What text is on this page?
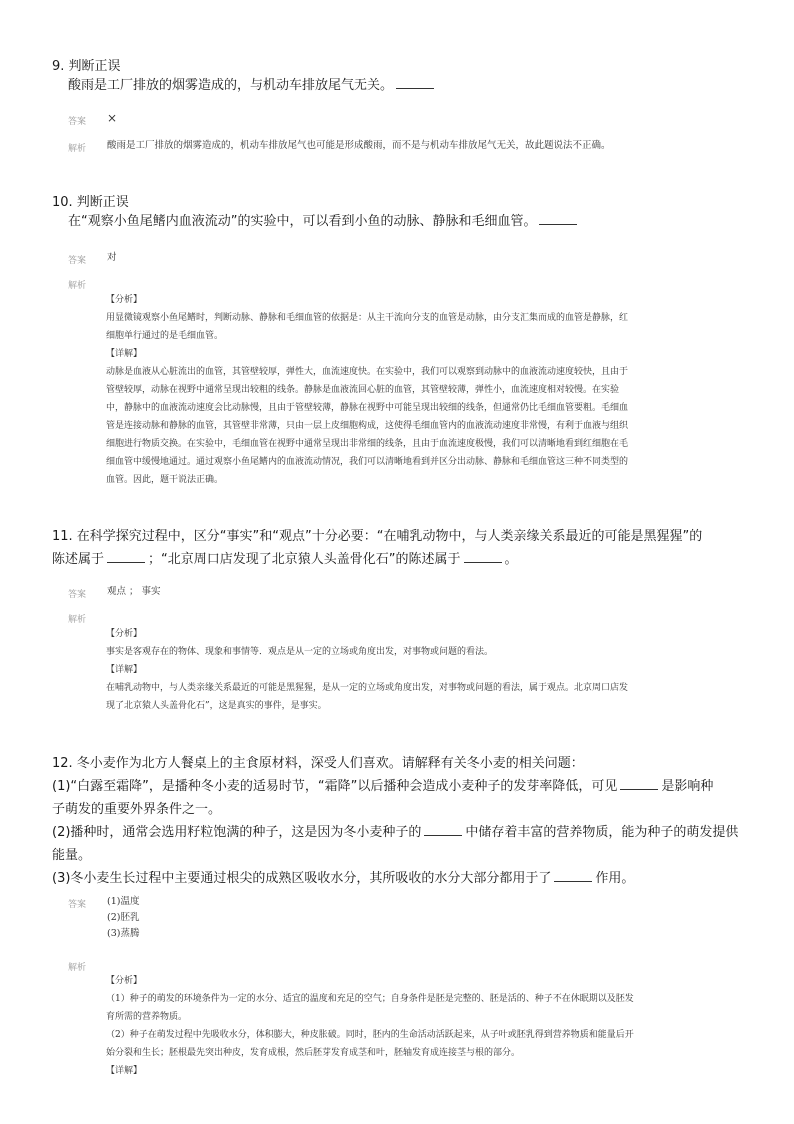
9. 判断正误
酸雨是工厂排放的烟雾造成的，与机动车排放尾气无关。
答案 ×
解析 酸雨是工厂排放的烟雾造成的，机动车排放尾气也可能是形成酸雨，而不是与机动车排放尾气无关，故此题说法不正确。
10. 判断正误
在“观察小鱼尾鳍内血液流动”的实验中，可以看到小鱼的动脉、静脉和毛细血管。
答案 对
解析

【分析】

用显微镜观察小鱼尾鳍时，判断动脉、静脉和毛细血管的依据是：从主干流向分支的血管是动脉，由分支汇集而成的血管是静脉，红

细胞单行通过的是毛细血管。

【详解】

动脉是血液从心脏流出的血管，其管壁较厚，弹性大，血流速度快。在实验中，我们可以观察到动脉中的血液流动速度较快，且由于

管壁较厚，动脉在视野中通常呈现出较粗的线条。静脉是血液流回心脏的血管，其管壁较薄，弹性小，血流速度相对较慢。在实验

中，静脉中的血液流动速度会比动脉慢，且由于管壁较薄，静脉在视野中可能呈现出较细的线条，但通常仍比毛细血管要粗。毛细血

管是连接动脉和静脉的血管，其管壁非常薄，只由一层上皮细胞构成，这使得毛细血管内的血液流动速度非常慢，有利于血液与组织

细胞进行物质交换。在实验中，毛细血管在视野中通常呈现出非常细的线条，且由于血流速度极慢，我们可以清晰地看到红细胞在毛

细血管中缓慢地通过。通过观察小鱼尾鳍内的血液流动情况，我们可以清晰地看到并区分出动脉、静脉和毛细血管这三种不同类型的

血管。因此，题干说法正确。

11. 在科学探究过程中，区分“事实”和“观点”十分必要：“在哺乳动物中，与人类亲缘关系最近的可能是黑猩猩”的
陈述属于	；“北京周口店发现了北京猿人头盖骨化石”的陈述属于	。
答案 观点 ； 事实
解析

【分析】

事实是客观存在的物体、现象和事情等．观点是从一定的立场或角度出发，对事物或问题的看法。

【详解】

在哺乳动物中，与人类亲缘关系最近的可能是黑猩猩，是从一定的立场或角度出发，对事物或问题的看法，属于观点。北京周口店发

现了北京猿人头盖骨化石”，这是真实的事件，是事实。

12. 冬小麦作为北方人餐桌上的主食原材料，深受人们喜欢。请解释有关冬小麦的相关问题：
(1)“白露至霜降”，是播种冬小麦的适易时节，“霜降”以后播种会造成小麦种子的发芽率降低，可见	是影响种
子萌发的重要外界条件之一。
(2)播种时，通常会选用籽粒饱满的种子，这是因为冬小麦种子的	中储存着丰富的营养物质，能为种子的萌发提供
能量。
(3)冬小麦生长过程中主要通过根尖的成熟区吸收水分，其所吸收的水分大部分都用于了	作用。
答案 (1)温度
(2)胚乳
(3)蒸腾
解析

【分析】

（1）种子的萌发的环境条件为一定的水分、适宜的温度和充足的空气；自身条件是胚是完整的、胚是活的、种子不在休眠期以及胚发

育所需的营养物质。

（2）种子在萌发过程中先吸收水分，体积膨大，种皮胀破。同时，胚内的生命活动活跃起来，从子叶或胚乳得到营养物质和能量后开

始分裂和生长；胚根最先突出种皮，发育成根，然后胚芽发育成茎和叶，胚轴发育成连接茎与根的部分。

【详解】
